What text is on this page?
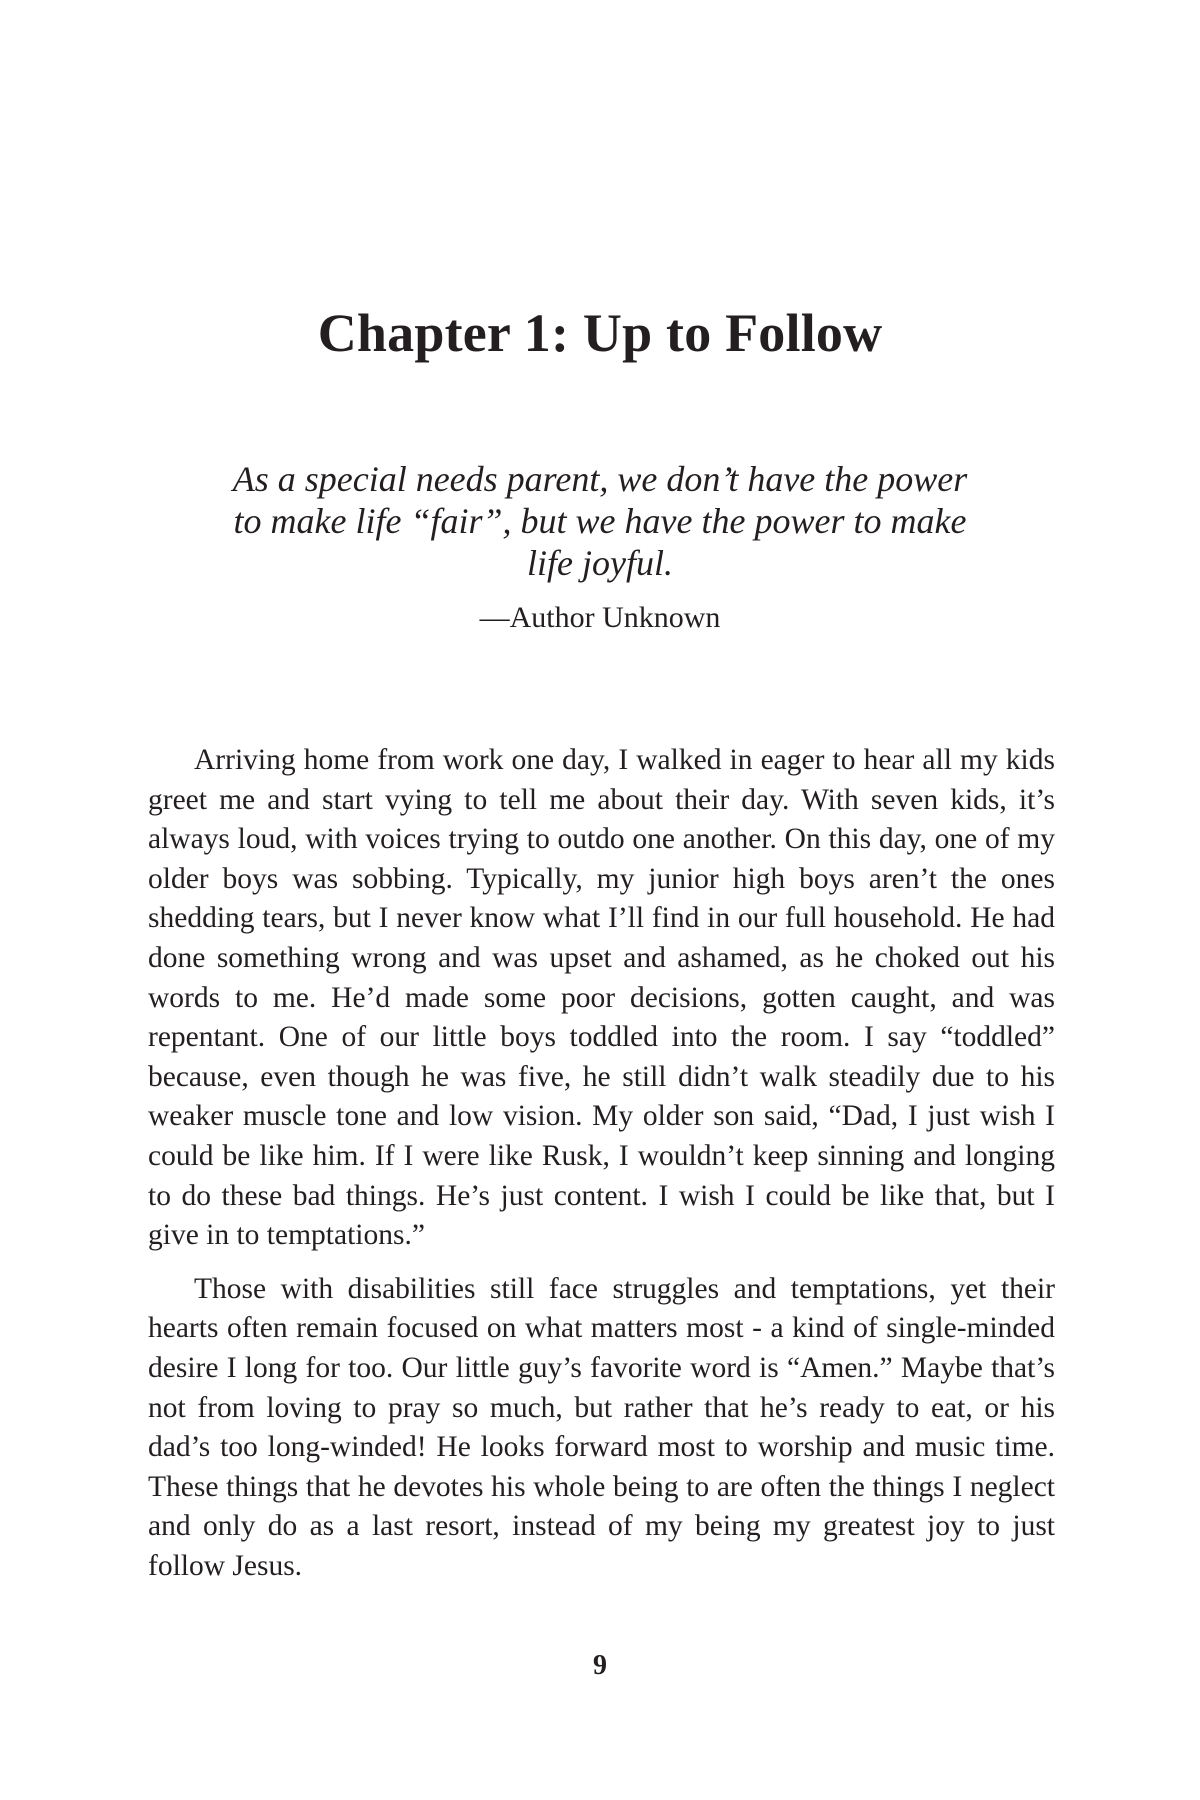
Chapter 1: Up to Follow

As a special needs parent, we don’t have the power to make life “fair”, but we have the power to make life joyful.

—Author Unknown

Arriving home from work one day, I walked in eager to hear all my kids greet me and start vying to tell me about their day. With seven kids, it’s always loud, with voices trying to outdo one another. On this day, one of my older boys was sobbing. Typically, my junior high boys aren’t the ones shedding tears, but I never know what I’ll find in our full household. He had done something wrong and was upset and ashamed, as he choked out his words to me. He’d made some poor decisions, gotten caught, and was repentant. One of our little boys toddled into the room. I say “toddled” because, even though he was five, he still didn’t walk steadily due to his weaker muscle tone and low vision. My older son said, “Dad, I just wish I could be like him. If I were like Rusk, I wouldn’t keep sinning and longing to do these bad things. He’s just content. I wish I could be like that, but I give in to temptations.”

Those with disabilities still face struggles and temptations, yet their hearts often remain focused on what matters most - a kind of single-minded desire I long for too. Our little guy’s favorite word is “Amen.” Maybe that’s not from loving to pray so much, but rather that he’s ready to eat, or his dad’s too long-winded! He looks forward most to worship and music time. These things that he devotes his whole being to are often the things I neglect and only do as a last resort, instead of my being my greatest joy to just follow Jesus.

9
